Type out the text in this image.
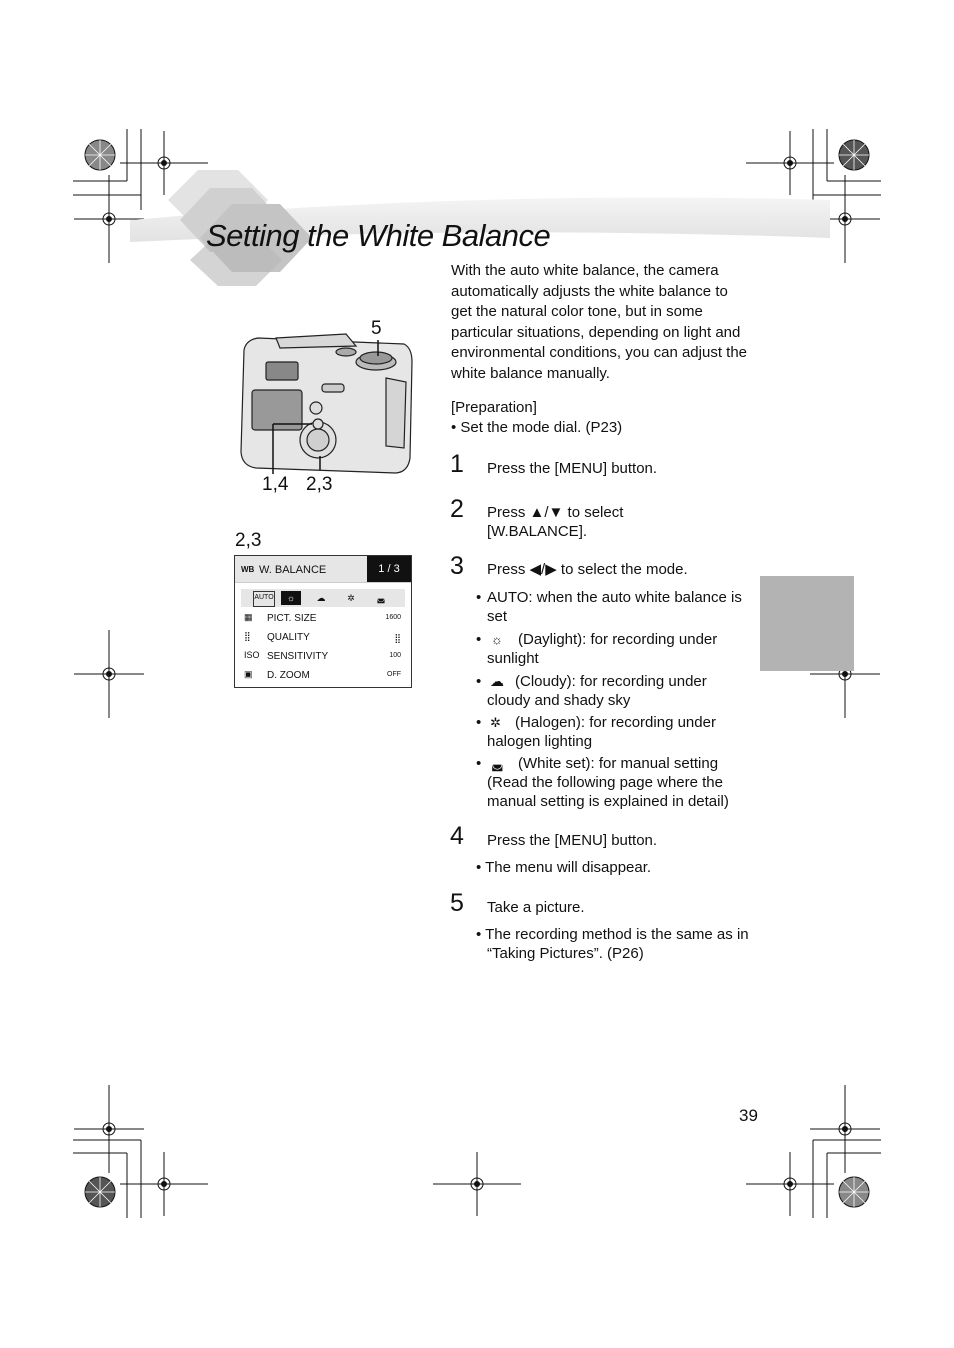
Setting the White Balance
5
1,4 2,3
2,3
WB W. BALANCE	1 / 3
AUTO	☼	☁	✲	◛
▦ PICT. SIZE	1600
⣿ QUALITY	⣿
ISO SENSITIVITY	100
▣ D. ZOOM	OFF
With the auto white balance, the camera automatically adjusts the white balance to get the natural color tone, but in some particular situations, depending on light and environmental conditions, you can adjust the white balance manually.
[Preparation]
• Set the mode dial. (P23)
1 Press the [MENU] button.
2 Press ▲/▼ to select [W.BALANCE].
3 Press ◀/▶ to select the mode.
• AUTO: when the auto white balance is set
• ☼	(Daylight): for recording under sunlight
• ☁ (Cloudy): for recording under cloudy and shady sky
• ✲ (Halogen): for recording under halogen lighting
• ◛ (White set): for manual setting (Read the following page where the manual setting is explained in detail)
4 Press the [MENU] button.
• The menu will disappear.
5 Take a picture.
• The recording method is the same as in “Taking Pictures”. (P26)
39
